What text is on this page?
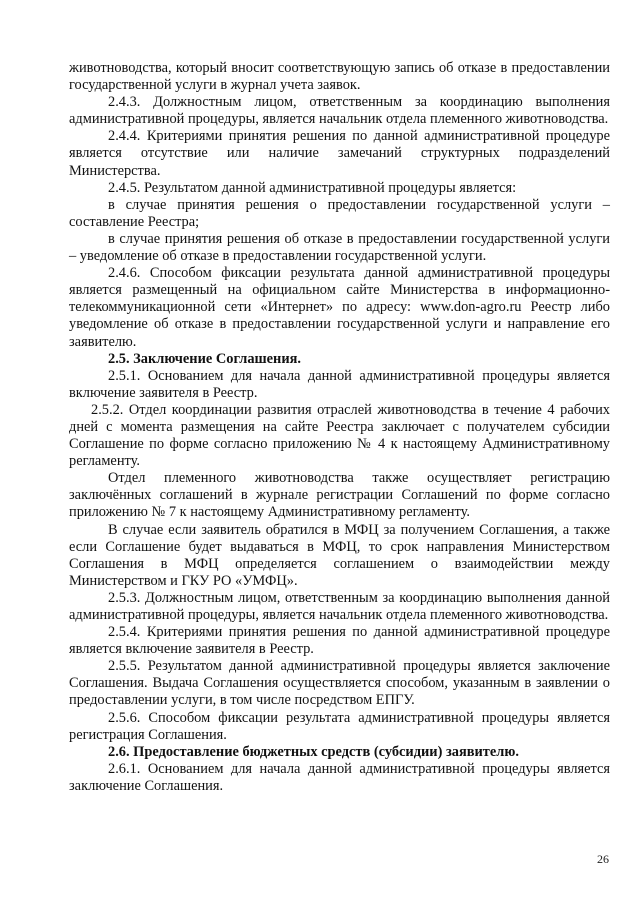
животноводства, который вносит соответствующую запись об отказе в предоставлении государственной услуги в журнал учета заявок.

2.4.3. Должностным лицом, ответственным за координацию выполнения административной процедуры, является начальник отдела племенного животноводства.

2.4.4. Критериями принятия решения по данной административной процедуре является отсутствие или наличие замечаний структурных подразделений Министерства.

2.4.5. Результатом данной административной процедуры является:

в случае принятия решения о предоставлении государственной услуги – составление Реестра;

в случае принятия решения об отказе в предоставлении государственной услуги – уведомление об отказе в предоставлении государственной услуги.

2.4.6. Способом фиксации результата данной административной процедуры является размещенный на официальном сайте Министерства в информационно-телекоммуникационной сети «Интернет» по адресу: www.don-agro.ru Реестр либо уведомление об отказе в предоставлении государственной услуги и направление его заявителю.

2.5. Заключение Соглашения.

2.5.1. Основанием для начала данной административной процедуры является включение заявителя в Реестр.

2.5.2. Отдел координации развития отраслей животноводства в течение 4 рабочих дней с момента размещения на сайте Реестра заключает с получателем субсидии Соглашение по форме согласно приложению № 4 к настоящему Административному регламенту.

Отдел племенного животноводства также осуществляет регистрацию заключённых соглашений в журнале регистрации Соглашений по форме согласно приложению № 7 к настоящему Административному регламенту.

В случае если заявитель обратился в МФЦ за получением Соглашения, а также если Соглашение будет выдаваться в МФЦ, то срок направления Министерством Соглашения в МФЦ определяется соглашением о взаимодействии между Министерством и ГКУ РО «УМФЦ».

2.5.3. Должностным лицом, ответственным за координацию выполнения данной административной процедуры, является начальник отдела племенного животноводства.

2.5.4. Критериями принятия решения по данной административной процедуре является включение заявителя в Реестр.

2.5.5. Результатом данной административной процедуры является заключение Соглашения. Выдача Соглашения осуществляется способом, указанным в заявлении о предоставлении услуги, в том числе посредством ЕПГУ.

2.5.6. Способом фиксации результата административной процедуры является регистрация Соглашения.

2.6. Предоставление бюджетных средств (субсидии) заявителю.

2.6.1. Основанием для начала данной административной процедуры является заключение Соглашения.

26
